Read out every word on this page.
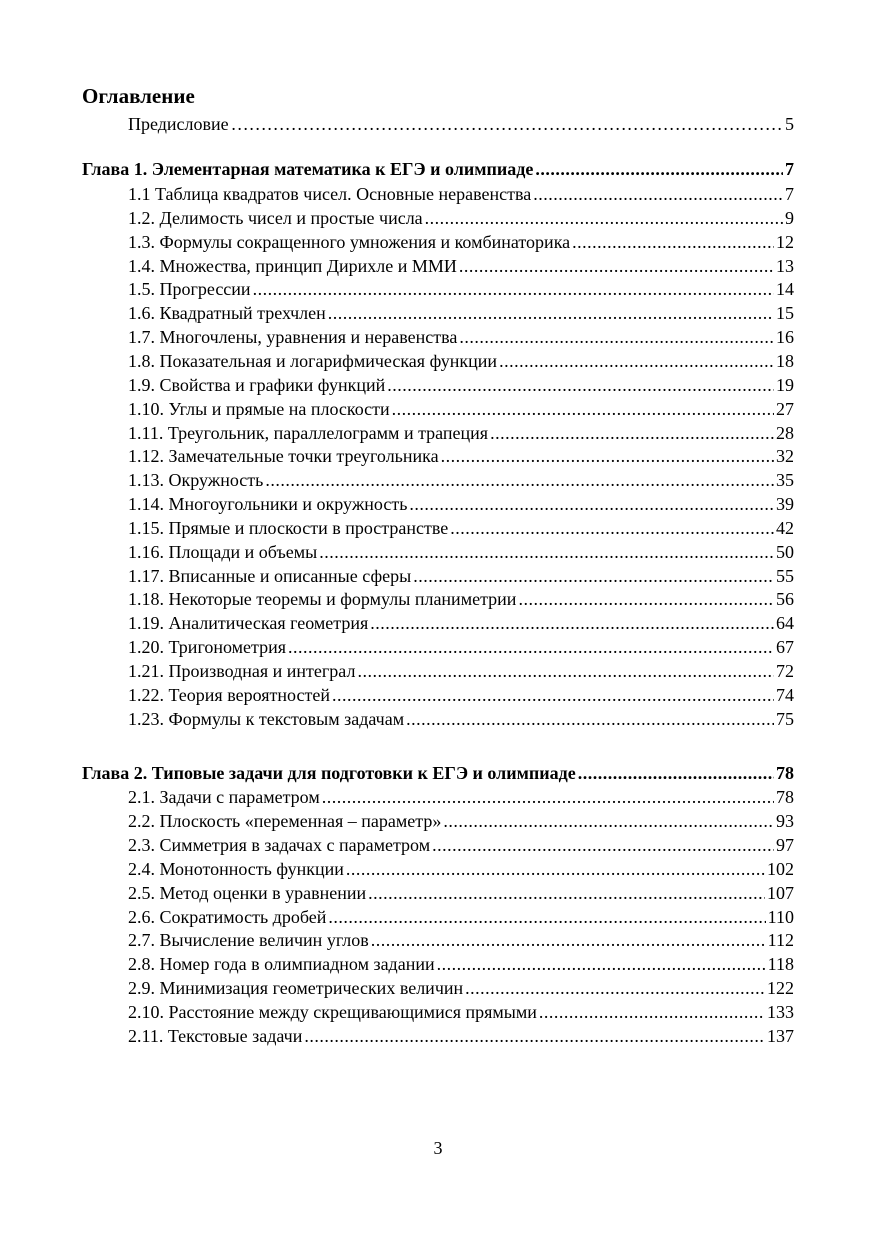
Оглавление
Предисловие ………………………………………………………………………………………………………………………………………………………………………	5
Глава 1. Элементарная математика к ЕГЭ и олимпиаде .....	7
1.1 Таблица квадратов чисел. Основные неравенства .....	7
1.2. Делимость чисел и простые числа .....	9
1.3. Формулы сокращенного умножения и комбинаторика .....	12
1.4. Множества, принцип Дирихле и ММИ .....	13
1.5. Прогрессии .....	14
1.6. Квадратный трехчлен .....	15
1.7. Многочлены, уравнения и неравенства .....	16
1.8. Показательная и логарифмическая функции .....	18
1.9. Свойства и графики функций .....	19
1.10. Углы и прямые на плоскости .....	27
1.11. Треугольник, параллелограмм и трапеция .....	28
1.12. Замечательные точки треугольника .....	32
1.13. Окружность .....	35
1.14. Многоугольники и окружность .....	39
1.15. Прямые и плоскости в пространстве .....	42
1.16. Площади и объемы .....	50
1.17. Вписанные и описанные сферы .....	55
1.18. Некоторые теоремы и формулы планиметрии .....	56
1.19. Аналитическая геометрия .....	64
1.20. Тригонометрия .....	67
1.21. Производная и интеграл .....	72
1.22. Теория вероятностей .....	74
1.23. Формулы к текстовым задачам .....	75
Глава 2. Типовые задачи для подготовки к ЕГЭ и олимпиаде .....	78
2.1. Задачи с параметром .....	78
2.2. Плоскость «переменная – параметр» .....	93
2.3. Симметрия в задачах с параметром .....	97
2.4. Монотонность функции .....	102
2.5. Метод оценки в уравнении .....	107
2.6. Сократимость дробей .....	110
2.7. Вычисление величин углов .....	112
2.8. Номер года в олимпиадном задании .....	118
2.9. Минимизация геометрических величин .....	122
2.10. Расстояние между скрещивающимися прямыми .....	133
2.11. Текстовые задачи .....	137
3
